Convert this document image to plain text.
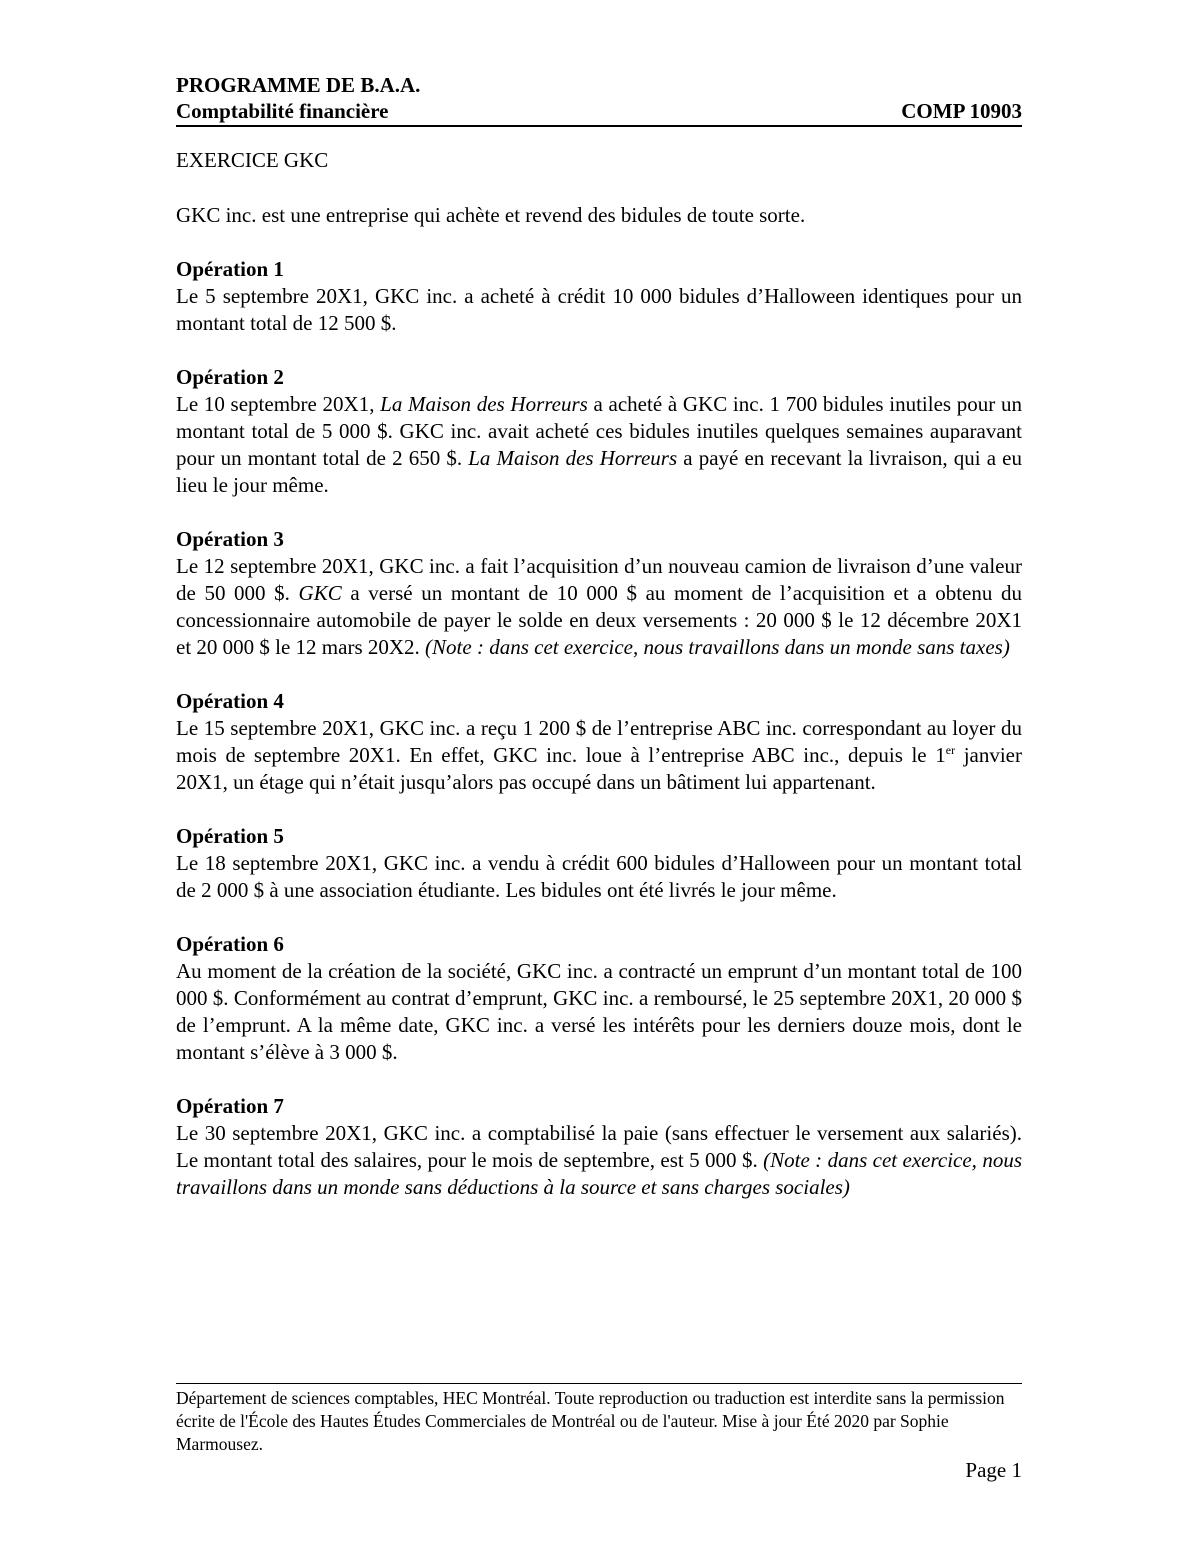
PROGRAMME DE B.A.A.
Comptabilité financière	COMP 10903
EXERCICE GKC
GKC inc. est une entreprise qui achète et revend des bidules de toute sorte.
Opération 1

Le 5 septembre 20X1, GKC inc. a acheté à crédit 10 000 bidules d’Halloween identiques pour un montant total de 12 500 $.

Opération 2

Le 10 septembre 20X1, La Maison des Horreurs a acheté à GKC inc. 1 700 bidules inutiles pour un montant total de 5 000 $. GKC inc. avait acheté ces bidules inutiles quelques semaines auparavant pour un montant total de 2 650 $. La Maison des Horreurs a payé en recevant la livraison, qui a eu lieu le jour même.

Opération 3

Le 12 septembre 20X1, GKC inc. a fait l’acquisition d’un nouveau camion de livraison d’une valeur de 50 000 $. GKC a versé un montant de 10 000 $ au moment de l’acquisition et a obtenu du concessionnaire automobile de payer le solde en deux versements : 20 000 $ le 12 décembre 20X1 et 20 000 $ le 12 mars 20X2. (Note : dans cet exercice, nous travaillons dans un monde sans taxes)

Opération 4

Le 15 septembre 20X1, GKC inc. a reçu 1 200 $ de l’entreprise ABC inc. correspondant au loyer du mois de septembre 20X1. En effet, GKC inc. loue à l’entreprise ABC inc., depuis le 1er janvier 20X1, un étage qui n’était jusqu’alors pas occupé dans un bâtiment lui appartenant.

Opération 5

Le 18 septembre 20X1, GKC inc. a vendu à crédit 600 bidules d’Halloween pour un montant total de 2 000 $ à une association étudiante. Les bidules ont été livrés le jour même.

Opération 6

Au moment de la création de la société, GKC inc. a contracté un emprunt d’un montant total de 100 000 $. Conformément au contrat d’emprunt, GKC inc. a remboursé, le 25 septembre 20X1, 20 000 $ de l’emprunt. A la même date, GKC inc. a versé les intérêts pour les derniers douze mois, dont le montant s’élève à 3 000 $.

Opération 7

Le 30 septembre 20X1, GKC inc. a comptabilisé la paie (sans effectuer le versement aux salariés). Le montant total des salaires, pour le mois de septembre, est 5 000 $. (Note : dans cet exercice, nous travaillons dans un monde sans déductions à la source et sans charges sociales)

Département de sciences comptables, HEC Montréal. Toute reproduction ou traduction est interdite sans la permission écrite de l'École des Hautes Études Commerciales de Montréal ou de l'auteur. Mise à jour Été 2020 par Sophie Marmousez.
Page 1
